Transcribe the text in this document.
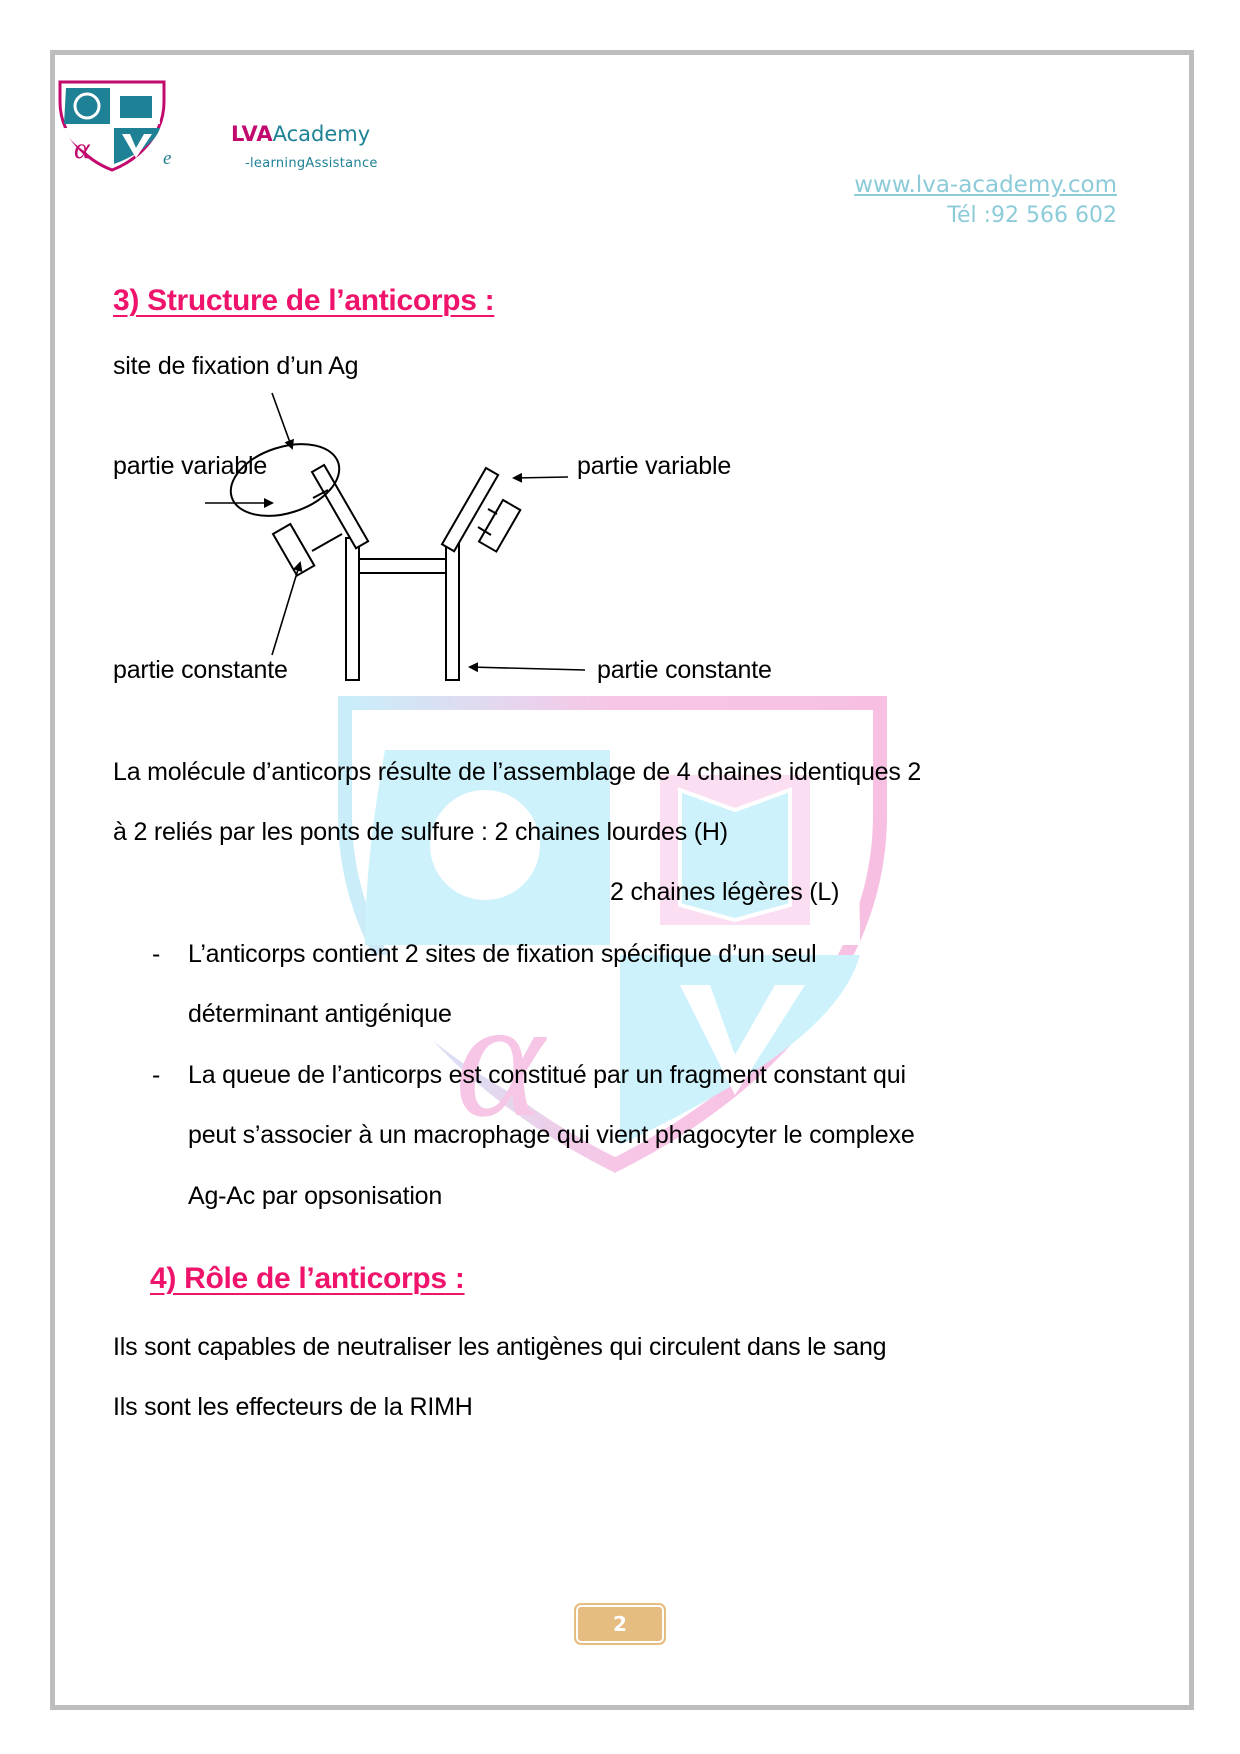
α
α	e
LVAAcademy
-learningAssistance
www.lva-academy.com
Tél :92 566 602
3) Structure de l’anticorps :
site de fixation d’un Ag
partie variable	partie variable
partie constante	partie constante
La molécule d’anticorps résulte de l’assemblage de 4 chaines identiques 2
à 2 reliés par les ponts de sulfure : 2 chaines lourdes (H)
2 chaines légères (L)
- L’anticorps contient 2 sites de fixation spécifique d’un seul
déterminant antigénique
- La queue de l’anticorps est constitué par un fragment constant qui
peut s’associer à un macrophage qui vient phagocyter le complexe
Ag-Ac par opsonisation
4) Rôle de l’anticorps :
Ils sont capables de neutraliser les antigènes qui circulent dans le sang
Ils sont les effecteurs de la RIMH
2
